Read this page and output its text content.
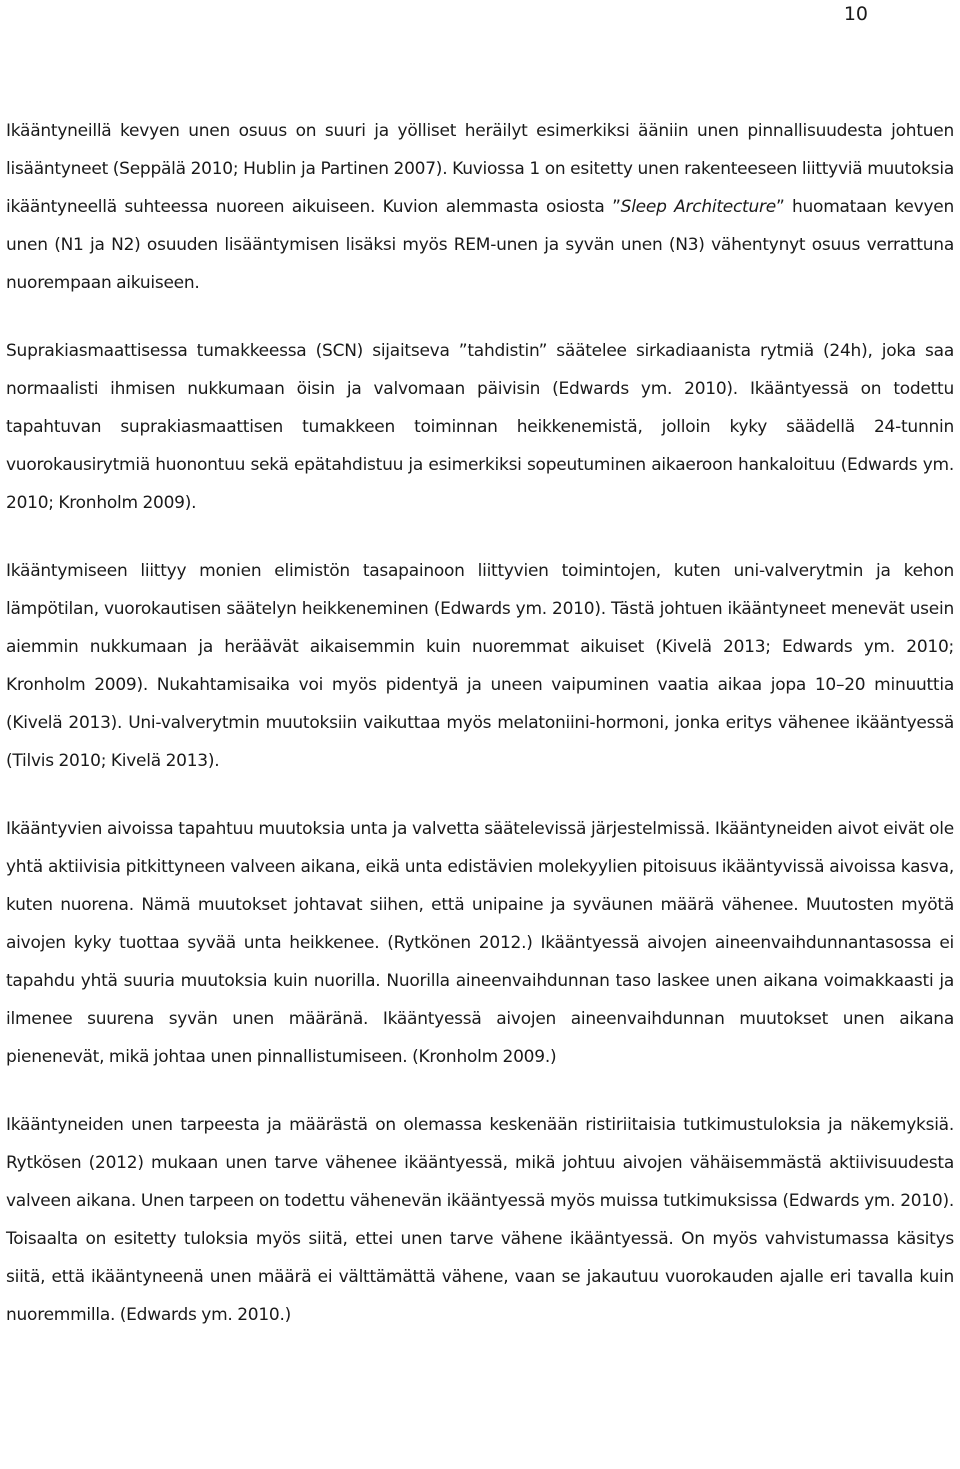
10

Ikääntyneillä kevyen unen osuus on suuri ja yölliset heräilyt esimerkiksi ääniin unen pinnallisuudesta johtuen lisääntyneet (Seppälä 2010; Hublin ja Partinen 2007). Kuviossa 1 on esitetty unen rakenteeseen liittyviä muutoksia ikääntyneellä suhteessa nuoreen aikuiseen. Kuvion alemmasta osiosta ”Sleep Architecture” huomataan kevyen unen (N1 ja N2) osuuden lisääntymisen lisäksi myös REM-unen ja syvän unen (N3) vähentynyt osuus verrattuna nuorempaan aikuiseen.

Suprakiasmaattisessa tumakkeessa (SCN) sijaitseva ”tahdistin” säätelee sirkadiaanista rytmiä (24h), joka saa normaalisti ihmisen nukkumaan öisin ja valvomaan päivisin (Edwards ym. 2010). Ikääntyessä on todettu tapahtuvan suprakiasmaattisen tumakkeen toiminnan heikkenemistä, jolloin kyky säädellä 24-tunnin vuorokausirytmiä huonontuu sekä epätahdistuu ja esimerkiksi sopeutuminen aikaeroon hankaloituu (Edwards ym. 2010; Kronholm 2009).

Ikääntymiseen liittyy monien elimistön tasapainoon liittyvien toimintojen, kuten uni-valverytmin ja kehon lämpötilan, vuorokautisen säätelyn heikkeneminen (Edwards ym. 2010). Tästä johtuen ikääntyneet menevät usein aiemmin nukkumaan ja heräävät aikaisemmin kuin nuoremmat aikuiset (Kivelä 2013; Edwards ym. 2010; Kronholm 2009). Nukahtamisaika voi myös pidentyä ja uneen vaipuminen vaatia aikaa jopa 10–20 minuuttia (Kivelä 2013). Uni-valverytmin muutoksiin vaikuttaa myös melatoniini-hormoni, jonka eritys vähenee ikääntyessä (Tilvis 2010; Kivelä 2013).

Ikääntyvien aivoissa tapahtuu muutoksia unta ja valvetta säätelevissä järjestelmissä. Ikääntyneiden aivot eivät ole yhtä aktiivisia pitkittyneen valveen aikana, eikä unta edistävien molekyylien pitoisuus ikääntyvissä aivoissa kasva, kuten nuorena. Nämä muutokset johtavat siihen, että unipaine ja syväunen määrä vähenee. Muutosten myötä aivojen kyky tuottaa syvää unta heikkenee. (Rytkönen 2012.) Ikääntyessä aivojen aineenvaihdunnantasossa ei tapahdu yhtä suuria muutoksia kuin nuorilla. Nuorilla aineenvaihdunnan taso laskee unen aikana voimakkaasti ja ilmenee suurena syvän unen määränä. Ikääntyessä aivojen aineenvaihdunnan muutokset unen aikana pienenevät, mikä johtaa unen pinnallistumiseen. (Kronholm 2009.)

Ikääntyneiden unen tarpeesta ja määrästä on olemassa keskenään ristiriitaisia tutkimustuloksia ja näkemyksiä. Rytkösen (2012) mukaan unen tarve vähenee ikääntyessä, mikä johtuu aivojen vähäisemmästä aktiivisuudesta valveen aikana. Unen tarpeen on todettu vähenevän ikääntyessä myös muissa tutkimuksissa (Edwards ym. 2010). Toisaalta on esitetty tuloksia myös siitä, ettei unen tarve vähene ikääntyessä. On myös vahvistumassa käsitys siitä, että ikääntyneenä unen määrä ei välttämättä vähene, vaan se jakautuu vuorokauden ajalle eri tavalla kuin nuoremmilla. (Edwards ym. 2010.)
